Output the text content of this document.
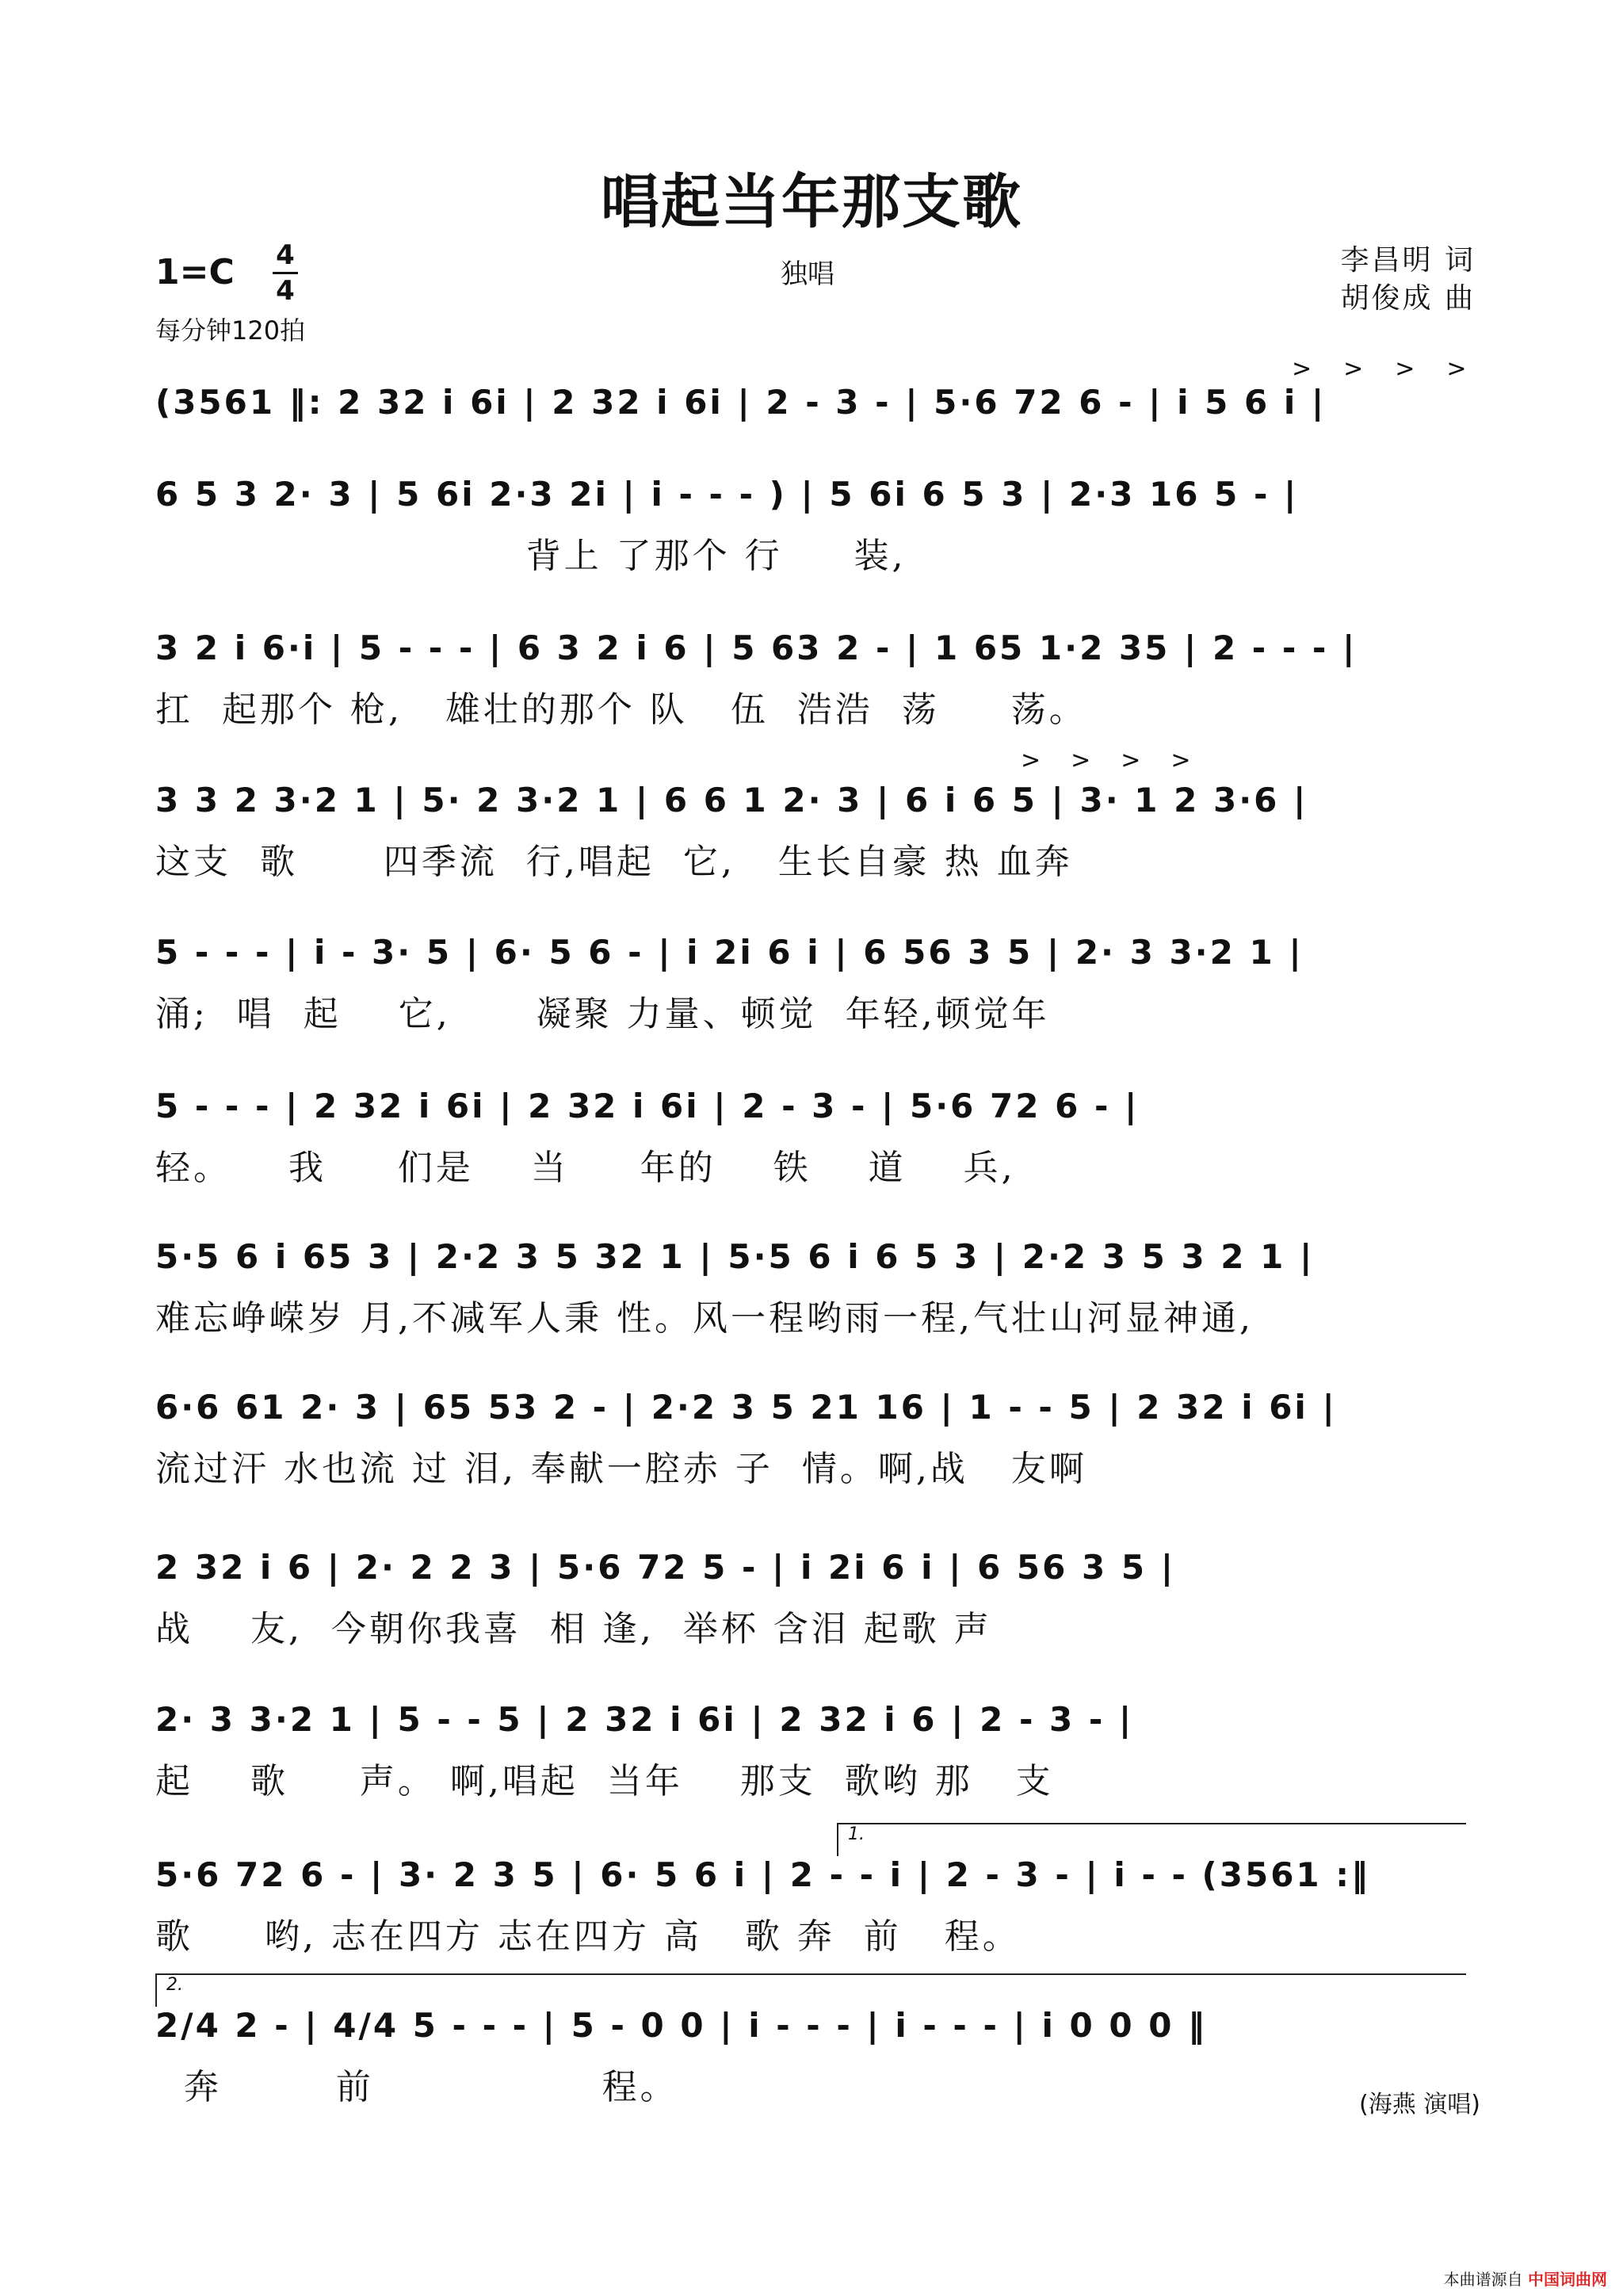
唱起当年那支歌
1=C 4
4
每分钟120拍
独唱	李昌明 词
胡俊成 曲
>>>>
>>>>
(3561 ‖: 2 32 i 6i | 2 32 i 6i | 2 - 3 - | 5·6 72 6 - | i 5 6 i |
6 5 3 2· 3 | 5 6i 2·3 2i | i - - - ) | 5 6i 6 5 3 | 2·3 16 5 - |
背上 了那个 行     装,
3 2 i 6·i | 5 - - - | 6 3 2 i 6 | 5 63 2 - | 1 65 1·2 35 | 2 - - - |
扛  起那个 枪,   雄壮的那个 队   伍  浩浩  荡     荡。
3 3 2 3·2 1 | 5· 2 3·2 1 | 6 6 1 2· 3 | 6 i 6 5 | 3· 1 2 3·6 |
这支  歌      四季流  行,唱起  它,   生长自豪 热 血奔
5 - - - | i - 3· 5 | 6· 5 6 - | i 2i 6 i | 6 56 3 5 | 2· 3 3·2 1 |
涌;  唱  起    它,      凝聚 力量、顿觉  年轻,顿觉年
5 - - - | 2 32 i 6i | 2 32 i 6i | 2 - 3 - | 5·6 72 6 - |
轻。    我     们是    当     年的    铁    道    兵,
5·5 6 i 65 3 | 2·2 3 5 32 1 | 5·5 6 i 6 5 3 | 2·2 3 5 3 2 1 |
难忘峥嵘岁 月,不减军人秉 性。风一程哟雨一程,气壮山河显神通,
6·6 61 2· 3 | 65 53 2 - | 2·2 3 5 21 16 | 1 - - 5 | 2 32 i 6i |
流过汗 水也流 过 泪, 奉献一腔赤 子  情。啊,战   友啊
2 32 i 6 | 2· 2 2 3 | 5·6 72 5 - | i 2i 6 i | 6 56 3 5 |
战    友,  今朝你我喜  相 逢,  举杯 含泪 起歌 声
2· 3 3·2 1 | 5 - - 5 | 2 32 i 6i | 2 32 i 6 | 2 - 3 - |
起    歌     声。 啊,唱起  当年    那支  歌哟 那   支
1.
5·6 72 6 - | 3· 2 3 5 | 6· 5 6 i | 2 - - i | 2 - 3 - | i - - (3561 :‖
歌     哟, 志在四方 志在四方 高   歌 奔  前   程。
2.
2/4 2 - | 4/4 5 - - - | 5 - 0 0 | i - - - | i - - - | i 0 0 0 ‖
奔        前                程。	(海燕 演唱)
本曲谱源自 中国词曲网
